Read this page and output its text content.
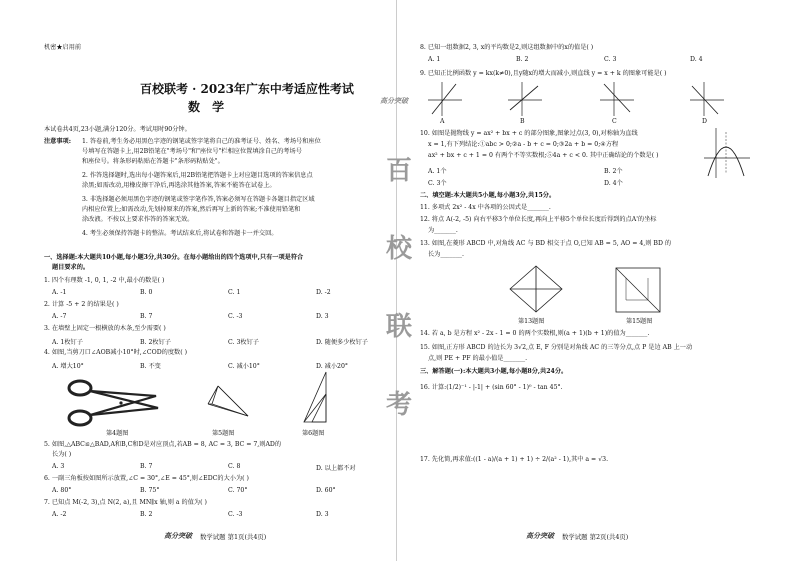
机密★启用前
百校联考 · 2023年广东中考适应性考试
数 学
本试卷共4页,23小题,满分120分。考试用时90分钟。
注意事项: 1. 答卷前,考生务必用黑色字迹的钢笔或签字笔将自己的准考证号、姓名、考场号和座位
号填写在答题卡上,用2B铅笔在"考场号"和"座位号"栏相应位置填涂自己的考场号
和座位号。将条形码粘贴在答题卡"条形码粘贴处"。
2. 作答选择题时,选出每小题答案后,用2B铅笔把答题卡上对应题目选项的答案信息点
涂黑;如需改动,用橡皮擦干净后,再选涂其他答案,答案不能答在试卷上。
3. 非选择题必须用黑色字迹的钢笔或签字笔作答,答案必须写在答题卡各题目指定区域
内相应位置上;如需改动,先划掉原来的答案,然后再写上新的答案;不准使用铅笔和
涂改液。不按以上要求作答的答案无效。
4. 考生必须保持答题卡的整洁。考试结束后,将试卷和答题卡一并交回。
一、选择题:本大题共10小题,每小题3分,共30分。在每小题给出的四个选项中,只有一项是符合
题目要求的。
1. 四个有理数 -1, 0, 1, -2 中,最小的数是( )
A. -1	B. 0	C. 1	D. -2
2. 计算 -5 + 2 的结果是( )
A. -7	B. 7	C. -3	D. 3
3. 在墙壁上固定一根横放的木条,至少需要( )
A. 1枚钉子	B. 2枚钉子	C. 3枚钉子	D. 随便多少枚钉子
4. 如图,当剪刀口∠AOB减小10°时,∠COD的度数( )
A. 增大10°	B. 不变	C. 减小10°	D. 减小20°
第4题图	第5题图	第6题图
5. 如图,△ABC≌△BAD,A和B,C和D是对应顶点,若AB = 8, AC = 3, BC = 7,则AD的
长为( )
A. 3	B. 7	C. 8	D. 以上都不对
6. 一副三角板按如图所示放置,∠C = 30°,∠E = 45°,则∠EDC的大小为( )
A. 80°	B. 75°	C. 70°	D. 60°
7. 已知点 M(-2, 3),点 N(2, a),且 MN∥x 轴,则 a 的值为( )
A. -2	B. 2	C. -3	D. 3
高分突破 数学试题 第1页(共4页)
高分突破
百
校
联
考
8. 已知一组数据2, 3, x的平均数是2,则这组数据中的x的值是( )
A. 1	B. 2	C. 3	D. 4
9. 已知正比例函数 y = kx(k≠0),且y随x的增大而减小,则直线 y = x + k 的图象可能是( )
A	B	C	D
10. 如图是抛物线 y = ax² + bx + c 的部分图象,图象过点(3, 0),对称轴为直线
x = 1,有下列结论:①abc > 0;②a - b + c = 0;③2a + b = 0;④方程
ax² + bx + c + 1 = 0 有两个不等实数根;⑤4a + c < 0. 其中正确结论的个数是( )
A. 1个	B. 2个
C. 3个	D. 4个
二、填空题:本大题共5小题,每小题3分,共15分。
11. 多项式 2x² - 4x 中各项的公因式是_______.
12. 将点 A(-2, -5) 向右平移3个单位长度,再向上平移5个单位长度后得到的点A'的坐标
为_______.
13. 如图,在菱形 ABCD 中,对角线 AC 与 BD 相交于点 O,已知 AB = 5, AO = 4,则 BD 的
长为_______.
第13题图	第15题图
14. 若 a, b 是方程 x² - 2x - 1 = 0 的两个实数根,则(a + 1)(b + 1)的值为_______.
15. 如图,正方形 ABCD 的边长为 3√2,点 E, F 分别是对角线 AC 的三等分点,点 P 是边 AB 上一动
点,则 PE + PF 的最小值是_______.
三、解答题(一):本大题共3小题,每小题8分,共24分。
16. 计算:(1/2)⁻¹ - |-1| + (sin 60° - 1)⁰ - tan 45°.
17. 先化简,再求值:((1 - a)/(a + 1) + 1) ÷ 2/(a² - 1),其中 a = √3.
高分突破 数学试题 第2页(共4页)
